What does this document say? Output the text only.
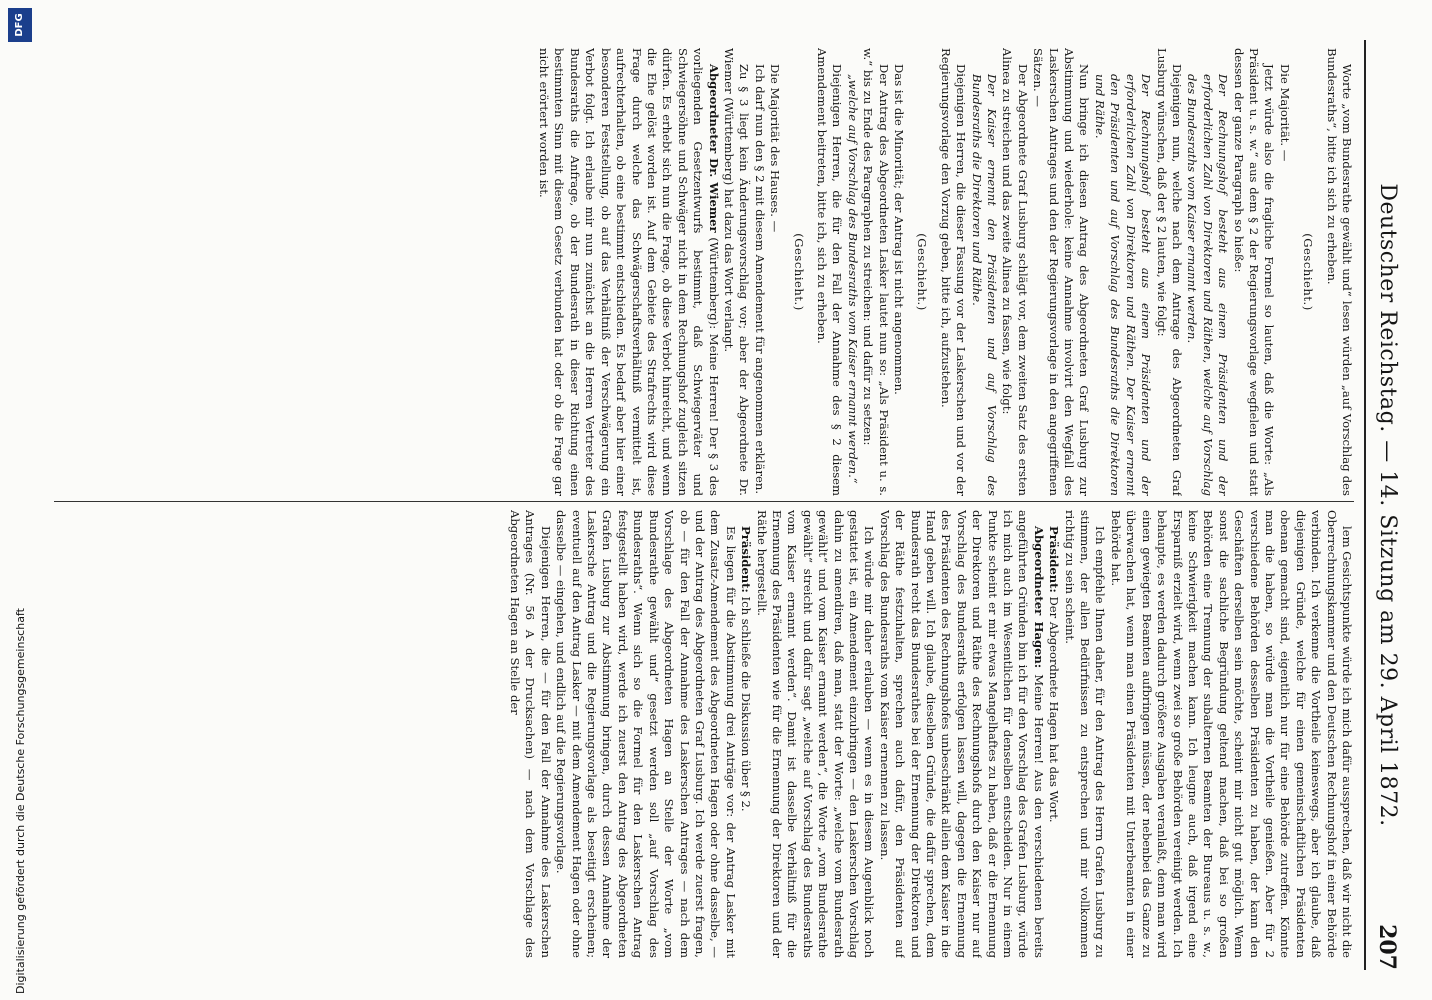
Deutscher Reichstag. — 14. Sitzung am 29. April 1872.
207

Worte „vom Bundesrathe gewählt und“ lesen würden „auf Vorschlag des Bundesraths“, bitte ich sich zu erheben.

(Geschieht.)

Die Majorität. —

Jetzt würde also die fragliche Formel so lauten, daß die Worte: „Als Präsident u. s. w.“ aus dem § 2 der Regierungsvorlage wegfielen und statt dessen der ganze Paragraph so hieße:

Der Rechnungshof besteht aus einem Präsidenten und der erforderlichen Zahl von Direktoren und Räthen, welche auf Vorschlag des Bundesraths vom Kaiser ernannt werden.

Diejenigen nun, welche nach dem Antrage des Abgeordneten Graf Lusburg wünschen, daß der § 2 lauten, wie folgt:

Der Rechnungshof besteht aus einem Präsidenten und der erforderlichen Zahl von Direktoren und Räthen. Der Kaiser ernennt den Präsidenten und auf Vorschlag des Bundesraths die Direktoren und Räthe.

Nun bringe ich diesen Antrag des Abgeordneten Graf Lusburg zur Abstimmung und wiederhole: keine Annahme involvirt den Wegfall des Laskerschen Antrages und den der Regierungsvorlage in den angegriffenen Sätzen. —

Der Abgeordnete Graf Lusburg schlägt vor, dem zweiten Satz des ersten Alinea zu streichen und das zweite Alinea zu fassen, wie folgt:

Der Kaiser ernennt den Präsidenten und auf Vorschlag des Bundesraths die Direktoren und Räthe.

Diejenigen Herren, die dieser Fassung vor der Laskerschen und vor der Regierungsvorlage den Vorzug geben, bitte ich, aufzustehen.

(Geschieht.)

Das ist die Minorität; der Antrag ist nicht angenommen.

Der Antrag des Abgeordneten Lasker lautet nun so: „Als Präsident u. s. w.“ bis zu Ende des Paragraphen zu streichen: und dafür zu setzen:

„welche auf Vorschlag des Bundesraths vom Kaiser ernannt werden.“

Diejenigen Herren, die für den Fall der Annahme des § 2 diesem Amendement beitreten, bitte ich, sich zu erheben.

(Geschieht.)

Die Majorität des Hauses. —

Ich darf nun den § 2 mit diesem Amendement für angenommen erklären.

Zu § 3 liegt kein Änderungsvorschlag vor; aber der Abgeordnete Dr. Wiemer (Württemberg) hat dazu das Wort verlangt.

Abgeordneter Dr. Wiemer (Württemberg): Meine Herren! Der § 3 des vorliegenden Gesetzentwurfs bestimmt, daß Schwiegerväter und Schwiegersöhne und Schwäger nicht in dem Rechnungshof zugleich sitzen dürfen. Es erhebt sich nun die Frage, ob diese Verbot hinreicht, und wenn die Ehe gelöst worden ist. Auf dem Gebiete des Strafrechts wird diese Frage durch welche das Schwägerschaftsverhältniß vermittelt ist, aufrechterhalten, ob eine bestimmt entschieden. Es bedarf aber hier einer besonderen Feststellung, ob auf das Verhältniß der Verschwägerung ein Verbot folgt. Ich erlaube mir nun zunächst an die Herren Vertreter des Bundesraths die Anfrage, ob der Bundesrath in dieser Richtung einen bestimmten Sinn mit diesem Gesetz verbunden hat oder ob die Frage gar nicht erörtert worden ist.

lem Gesichtspunkte würde ich mich dafür aussprechen, daß wir nicht die Oberrechnungskammer und den Deutschen Rechnungshof in einer Behörde verbinden. Ich verkenne die Vortheile keineswegs, aber ich glaube, daß diejenigen Gründe, welche für einen gemeinschaftlichen Präsidenten obenan gemacht sind, eigentlich nur für eine Behörde zutreffen. Könnte man die haben, so würde man die Vortheile genießen. Aber für 2 verschiedene Behörden desselben Präsidenten zu haben, der kann den Geschäften derselben sein möchte, scheint mir nicht gut möglich. Wenn sonst die sachliche Begründung geltend machen, daß bei so großen Behörden eine Trennung der subalternen Beamten der Bureaus u. s. w., keine Schwierigkeit machen kann. Ich leugne auch, daß irgend eine Ersparniß erzielt wird, wenn zwei so große Behörden vereinigt werden. Ich behaupte, es werden dadurch größere Ausgaben veranlaßt, denn man wird einen gewiegten Beamten aufbringen müssen, der nebenbei das Ganze zu überwachen hat, wenn man einen Präsidenten mit Unterbeamten in einer Behörde hat.

Ich empfehle Ihnen daher, für den Antrag des Herrn Grafen Lusburg zu stimmen, der allen Bedürfnissen zu entsprechen und mir vollkommen richtig zu sein scheint.

Präsident: Der Abgeordnete Hagen hat das Wort.

Abgeordneter Hagen: Meine Herren! Aus den verschiedenen bereits angeführten Gründen bin ich für den Vorschlag des Grafen Lusburg, würde ich mich auch im Wesentlichen für denselben entscheiden. Nur in einem Punkte scheint er mir etwas Mangelhaftes zu haben, daß er die Ernennung der Direktoren und Räthe des Rechnungshofs durch den Kaiser nur auf Vorschlag des Bundesraths erfolgen lassen will, dagegen die Ernennung des Präsidenten des Rechnungshofes unbeschränkt allein dem Kaiser in die Hand geben will. Ich glaube, dieselben Gründe, die dafür sprechen, dem Bundesrath recht das Bundesrathes bei der Ernennung der Direktoren und der Räthe festzuhalten, sprechen auch dafür, den Präsidenten auf Vorschlag des Bundesraths vom Kaiser ernennen zu lassen.

Ich würde mir daher erlauben — wenn es in diesem Augenblick noch gestattet ist, ein Amendement einzubringen — den Laskerschen Vorschlag dahin zu amendiren, daß man, statt der Worte: „welche vom Bundesrath gewählt“ und vom Kaiser ernannt werden“, die Worte „vom Bundesrathe gewählt“ streicht und dafür sagt „welche auf Vorschlag des Bundesraths vom Kaiser ernannt werden“. Damit ist dasselbe Verhältniß für die Ernennung des Präsidenten wie für die Ernennung der Direktoren und der Räthe hergestellt.

Präsident: Ich schließe die Diskussion über § 2.

Es liegen für die Abstimmung drei Anträge vor: der Antrag Lasker mit dem Zusatz-Amendement des Abgeordneten Hagen oder ohne dasselbe, — und der Antrag des Abgeordneten Graf Lusburg. Ich werde zuerst fragen, ob — für den Fall der Annahme des Laskerschen Antrages — nach dem Vorschlage des Abgeordneten Hagen an Stelle der Worte „vom Bundesrathe gewählt und“ gesetzt werden soll „auf Vorschlag des Bundesraths“. Wenn sich so die Formel für den Laskerschen Antrag festgestellt haben wird, werde ich zuerst den Antrag des Abgeordneten Grafen Lusburg zur Abstimmung bringen, durch dessen Annahme der Laskersche Antrag und die Regierungsvorlage als beseitigt erscheinen; eventuell auf den Antrag Lasker — mit dem Amendement Hagen oder ohne dasselbe — eingehen, und endlich auf die Regierungsvorlage.

Diejenigen Herren, die — für den Fall der Annahme des Laskerschen Antrages (Nr. 56 A der Drucksachen) — nach dem Vorschlage des Abgeordneten Hagen an Stelle der

Digitalisierung gefördert durch die Deutsche Forschungsgemeinschaft
DFG
